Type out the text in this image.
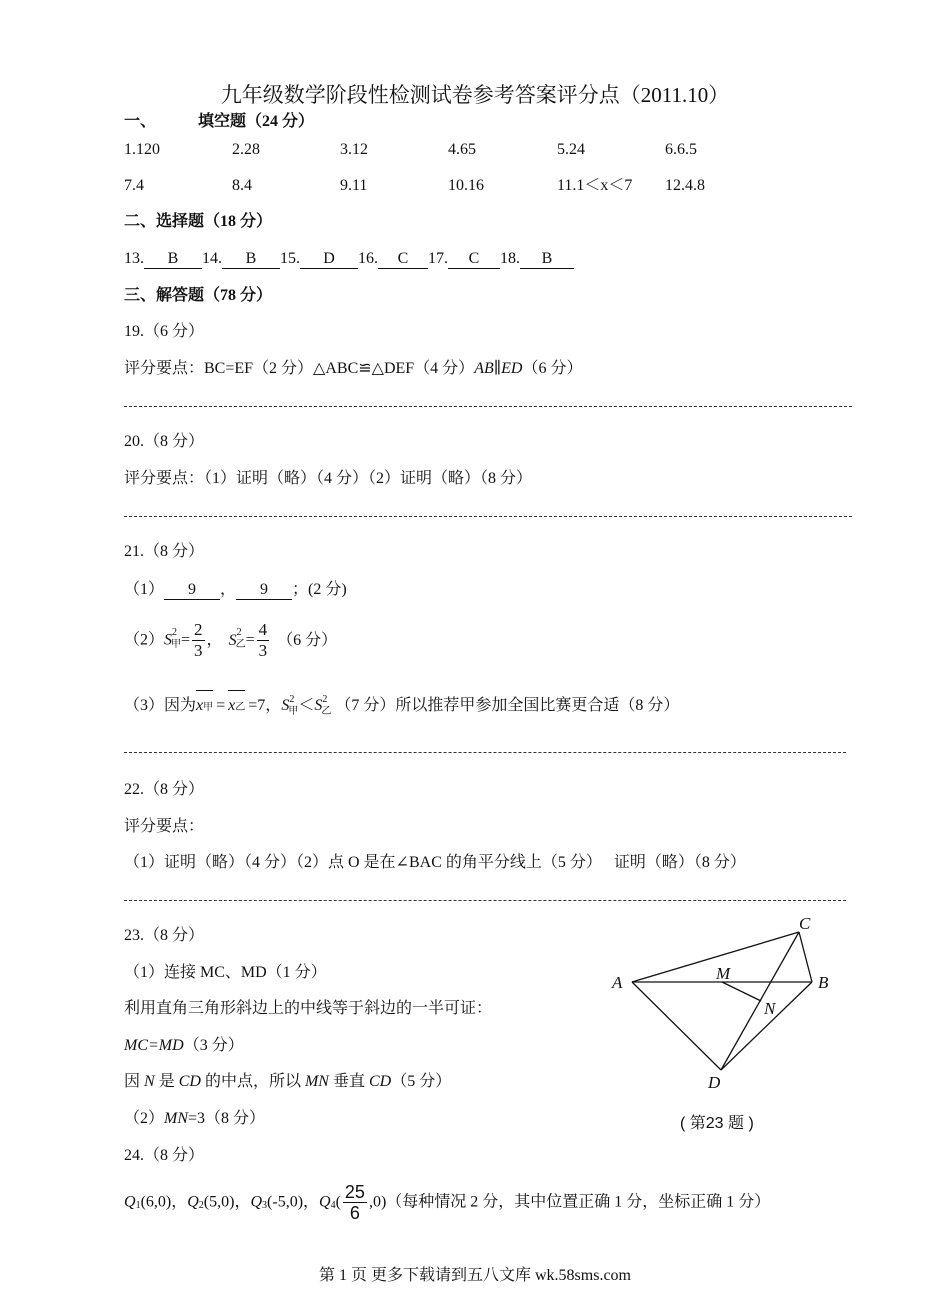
九年级数学阶段性检测试卷参考答案评分点（2011.10）
一、	填空题（24 分）
1.120	2.28	3.12	4.65	5.24	6.6.5
7.4	8.4	9.11	10.16	11.1＜x＜7 12.4.8
二、选择题（18 分）
13. B 14. B 15. D 16. C 17. C 18. B
三、解答题（78 分）
19.（6 分）
评分要点：BC=EF（2 分）△ABC≌△DEF（4 分）AB∥ED（6 分）
20.（8 分）
评分要点：（1）证明（略）（4 分）（2）证明（略）（8 分）
21.（8 分）
（1） 9 ， 9 ；(2 分)
$(2)S^2_甲= \frac{2}{3}$ ， $S^2_乙= \frac{4}{3} (6$ 分）
（3）因为x甲 = x乙 =7，$S^2_甲<S^2_乙$ （7 分）所以推荐甲参加全国比赛更合适（8 分）
22.（8 分）
评分要点：
（1）证明（略）（4 分）（2）点 O 是在∠BAC 的角平分线上（5 分）　 证明（略）（8 分）
23.（8 分）
（1）连接 MC、MD（1 分）
利用直角三角形斜边上的中线等于斜边的一半可证：
MC=MD（3 分）
因 N 是 CD 的中点，所以 MN 垂直 CD（5 分）
（2）MN=3（8 分）
C
A	B
M
N
D
( 第23 题 )
24.（8 分）
$Q_1(6,0)$，$Q_2(5,0)$，$Q_3(-5,0)$，$Q_4( \frac{25}{6} ,0)$（每种情况 2 分，其中位置正确 1 分，坐标正确 1 分）
第 1 页 更多下载请到五八文库 wk.58sms.com
